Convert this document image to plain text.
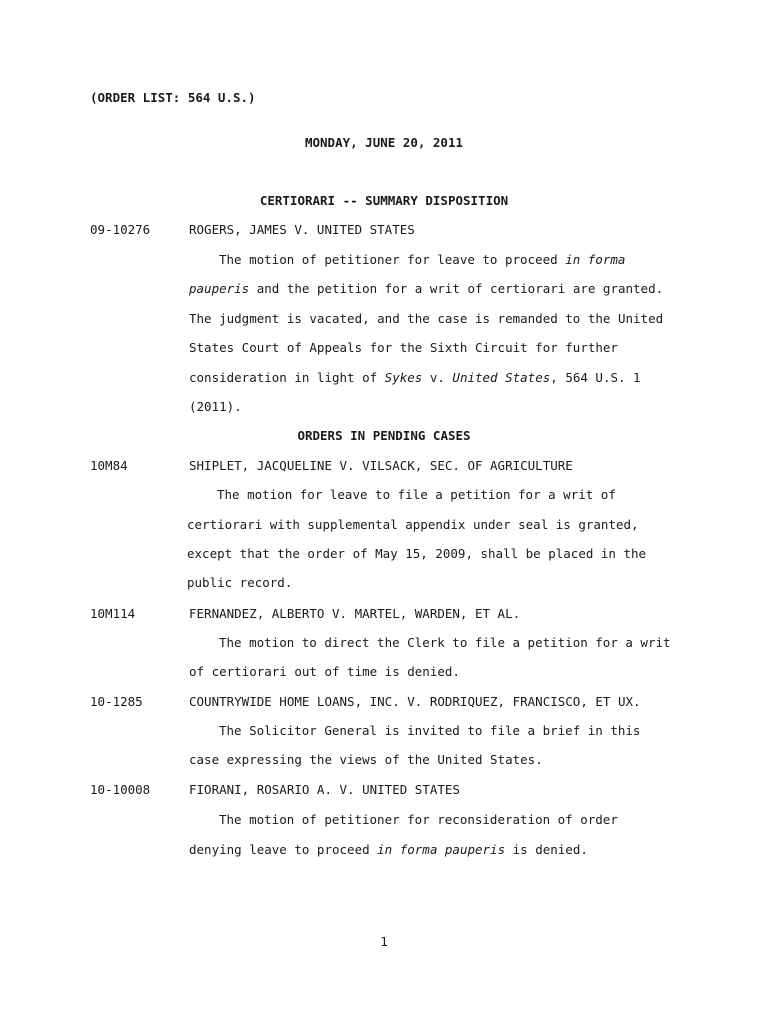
(ORDER LIST: 564 U.S.)
MONDAY, JUNE 20, 2011
CERTIORARI -- SUMMARY DISPOSITION
09-10276	ROGERS, JAMES V. UNITED STATES
The motion of petitioner for leave to proceed in forma
pauperis and the petition for a writ of certiorari are granted.
The judgment is vacated, and the case is remanded to the United
States Court of Appeals for the Sixth Circuit for further
consideration in light of Sykes v. United States, 564 U.S. 1
(2011).
ORDERS IN PENDING CASES
10M84	SHIPLET, JACQUELINE V. VILSACK, SEC. OF AGRICULTURE
The motion for leave to file a petition for a writ of
certiorari with supplemental appendix under seal is granted,
except that the order of May 15, 2009, shall be placed in the
public record.
10M114	FERNANDEZ, ALBERTO V. MARTEL, WARDEN, ET AL.
The motion to direct the Clerk to file a petition for a writ
of certiorari out of time is denied.
10-1285	COUNTRYWIDE HOME LOANS, INC. V. RODRIQUEZ, FRANCISCO, ET UX.
The Solicitor General is invited to file a brief in this
case expressing the views of the United States.
10-10008	FIORANI, ROSARIO A. V. UNITED STATES
The motion of petitioner for reconsideration of order
denying leave to proceed in forma pauperis is denied.
1
